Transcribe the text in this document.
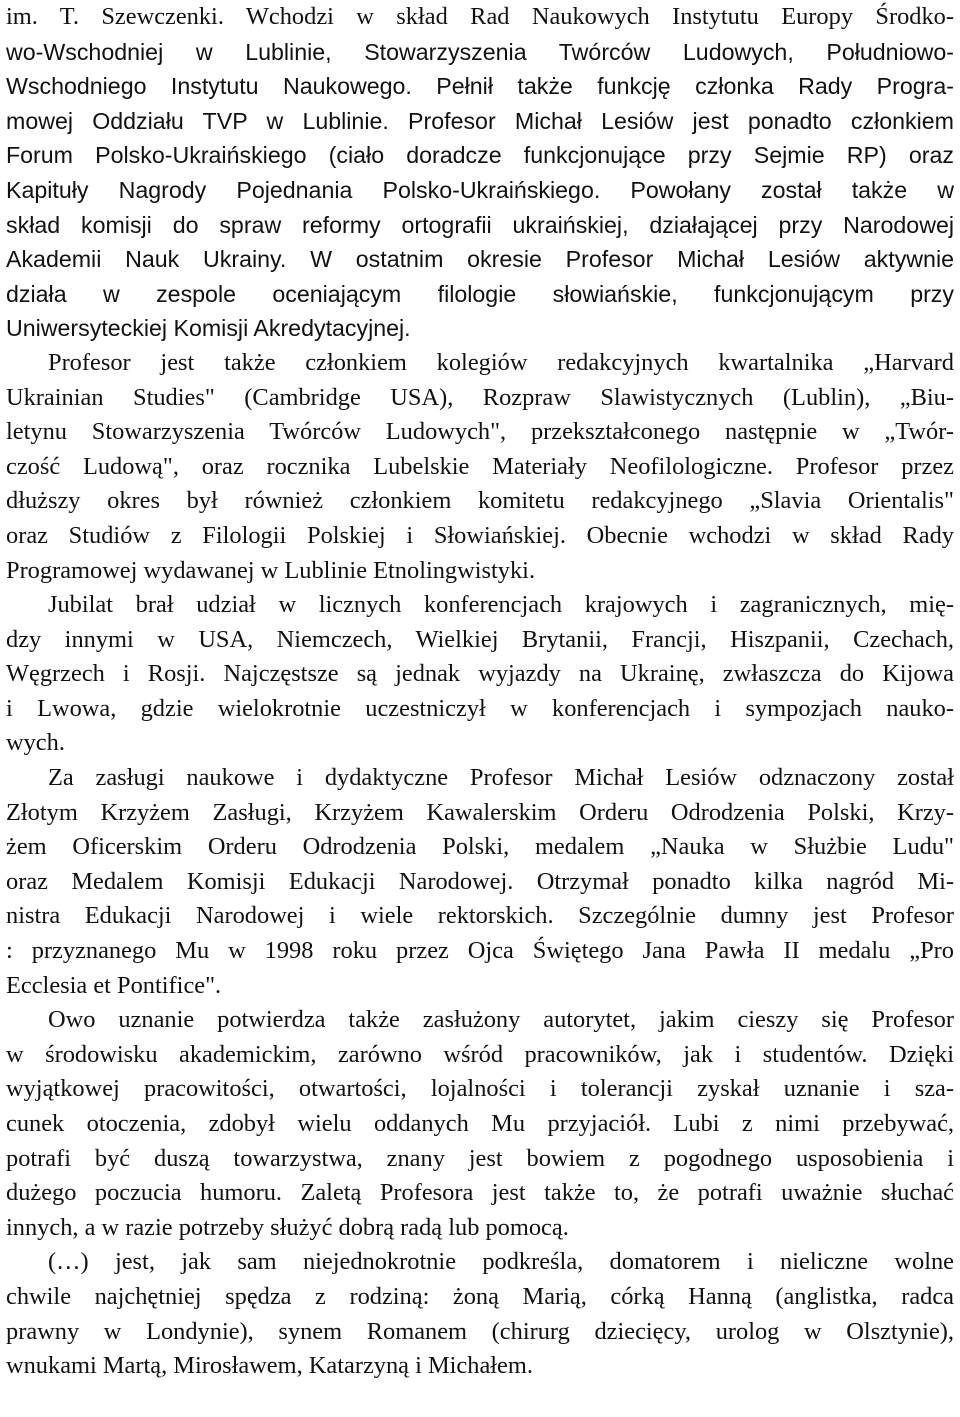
im. T. Szewczenki. Wchodzi w skład Rad Naukowych Instytutu Europy Środko-
wo-Wschodniej w Lublinie, Stowarzyszenia Twórców Ludowych, Południowo-
Wschodniego Instytutu Naukowego. Pełnił także funkcję członka Rady Progra-
mowej Oddziału TVP w Lublinie. Profesor Michał Lesiów jest ponadto członkiem
Forum Polsko-Ukraińskiego (ciało doradcze funkcjonujące przy Sejmie RP) oraz
Kapituły Nagrody Pojednania Polsko-Ukraińskiego. Powołany został także w
skład komisji do spraw reformy ortografii ukraińskiej, działającej przy Narodowej
Akademii Nauk Ukrainy. W ostatnim okresie Profesor Michał Lesiów aktywnie
działa w zespole oceniającym filologie słowiańskie, funkcjonującym przy
Uniwersyteckiej Komisji Akredytacyjnej.
Profesor jest także członkiem kolegiów redakcyjnych kwartalnika „Harvard
Ukrainian Studies" (Cambridge USA), Rozpraw Slawistycznych (Lublin), „Biu-
letynu Stowarzyszenia Twórców Ludowych", przekształconego następnie w „Twór-
czość Ludową", oraz rocznika Lubelskie Materiały Neofilologiczne. Profesor przez
dłuższy okres był również członkiem komitetu redakcyjnego „Slavia Orientalis"
oraz Studiów z Filologii Polskiej i Słowiańskiej. Obecnie wchodzi w skład Rady
Programowej wydawanej w Lublinie Etnolingwistyki.
Jubilat brał udział w licznych konferencjach krajowych i zagranicznych, mię-
dzy innymi w USA, Niemczech, Wielkiej Brytanii, Francji, Hiszpanii, Czechach,
Węgrzech i Rosji. Najczęstsze są jednak wyjazdy na Ukrainę, zwłaszcza do Kijowa
i Lwowa, gdzie wielokrotnie uczestniczył w konferencjach i sympozjach nauko-
wych.
Za zasługi naukowe i dydaktyczne Profesor Michał Lesiów odznaczony został
Złotym Krzyżem Zasługi, Krzyżem Kawalerskim Orderu Odrodzenia Polski, Krzy-
żem Oficerskim Orderu Odrodzenia Polski, medalem „Nauka w Służbie Ludu"
oraz Medalem Komisji Edukacji Narodowej. Otrzymał ponadto kilka nagród Mi-
nistra Edukacji Narodowej i wiele rektorskich. Szczególnie dumny jest Profesor
: przyznanego Mu w 1998 roku przez Ojca Świętego Jana Pawła II medalu „Pro
Ecclesia et Pontifice".
Owo uznanie potwierdza także zasłużony autorytet, jakim cieszy się Profesor
w środowisku akademickim, zarówno wśród pracowników, jak i studentów. Dzięki
wyjątkowej pracowitości, otwartości, lojalności i tolerancji zyskał uznanie i sza-
cunek otoczenia, zdobył wielu oddanych Mu przyjaciół. Lubi z nimi przebywać,
potrafi być duszą towarzystwa, znany jest bowiem z pogodnego usposobienia i
dużego poczucia humoru. Zaletą Profesora jest także to, że potrafi uważnie słuchać
innych, a w razie potrzeby służyć dobrą radą lub pomocą.
(…) jest, jak sam niejednokrotnie podkreśla, domatorem i nieliczne wolne
chwile najchętniej spędza z rodziną: żoną Marią, córką Hanną (anglistka, radca
prawny w Londynie), synem Romanem (chirurg dziecięcy, urolog w Olsztynie),
wnukami Martą, Mirosławem, Katarzyną i Michałem.
